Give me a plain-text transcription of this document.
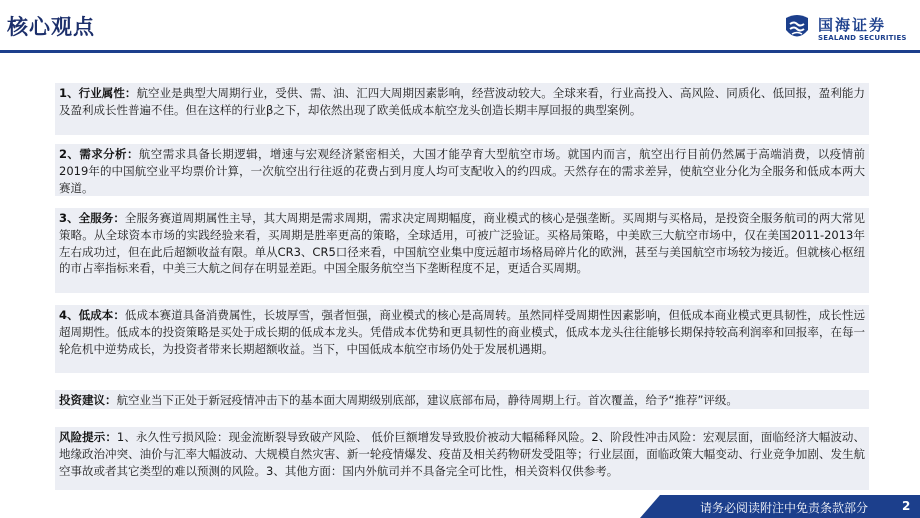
核心观点	国海证券
SEALAND SECURITIES
1、行业属性：航空业是典型大周期行业，受供、需、油、汇四大周期因素影响，经营波动较大。全球来看，行业高投入、高风险、同质化、低回报，盈利能力及盈利成长性普遍不佳。但在这样的行业β之下，却依然出现了欧美低成本航空龙头创造长期丰厚回报的典型案例。
2、需求分析：航空需求具备长期逻辑，增速与宏观经济紧密相关，大国才能孕育大型航空市场。就国内而言，航空出行目前仍然属于高端消费，以疫情前2019年的中国航空业平均票价计算，一次航空出行往返的花费占到月度人均可支配收入的约四成。天然存在的需求差异，使航空业分化为全服务和低成本两大赛道。
3、全服务：全服务赛道周期属性主导，其大周期是需求周期，需求决定周期幅度，商业模式的核心是强垄断。买周期与买格局，是投资全服务航司的两大常见策略。从全球资本市场的实践经验来看，买周期是胜率更高的策略，全球适用，可被广泛验证。买格局策略，中美欧三大航空市场中，仅在美国2011-2013年左右成功过，但在此后超额收益有限。单从CR3、CR5口径来看，中国航空业集中度远超市场格局碎片化的欧洲，甚至与美国航空市场较为接近。但就核心枢纽的市占率指标来看，中美三大航之间存在明显差距。中国全服务航空当下垄断程度不足，更适合买周期。
4、低成本：低成本赛道具备消费属性，长坡厚雪，强者恒强，商业模式的核心是高周转。虽然同样受周期性因素影响，但低成本商业模式更具韧性，成长性远超周期性。低成本的投资策略是买处于成长期的低成本龙头。凭借成本优势和更具韧性的商业模式，低成本龙头往往能够长期保持较高利润率和回报率，在每一轮危机中逆势成长，为投资者带来长期超额收益。当下，中国低成本航空市场仍处于发展机遇期。
投资建议：航空业当下正处于新冠疫情冲击下的基本面大周期级别底部，建议底部布局，静待周期上行。首次覆盖，给予“推荐”评级。
风险提示：1、永久性亏损风险：现金流断裂导致破产风险、 低价巨额增发导致股价被动大幅稀释风险。2、阶段性冲击风险：宏观层面，面临经济大幅波动、地缘政治冲突、油价与汇率大幅波动、大规模自然灾害、新一轮疫情爆发、疫苗及相关药物研发受阻等；行业层面，面临政策大幅变动、行业竞争加剧、发生航空事故或者其它类型的难以预测的风险。3、其他方面：国内外航司并不具备完全可比性，相关资料仅供参考。
请务必阅读附注中免责条款部分	2
